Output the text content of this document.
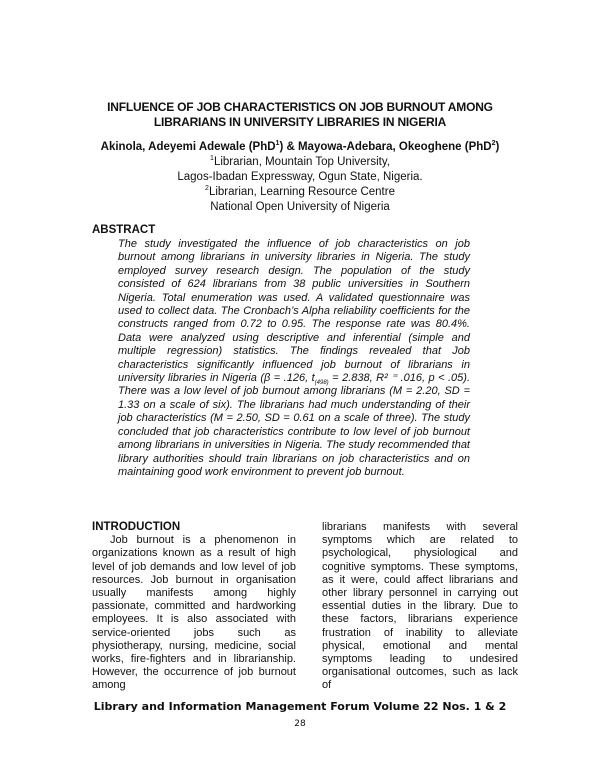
INFLUENCE OF JOB CHARACTERISTICS ON JOB BURNOUT AMONG
LIBRARIANS IN UNIVERSITY LIBRARIES IN NIGERIA
Akinola, Adeyemi Adewale (PhD$^1$) & Mayowa-Adebara, Okeoghene (PhD$^2$)
$^1$Librarian, Mountain Top University,
Lagos-Ibadan Expressway, Ogun State, Nigeria.
$^2$Librarian, Learning Resource Centre
National Open University of Nigeria
ABSTRACT

The study investigated the influence of job characteristics on job burnout among librarians in university libraries in Nigeria. The study employed survey research design. The population of the study consisted of 624 librarians from 38 public universities in Southern Nigeria. Total enumeration was used. A validated questionnaire was used to collect data. The Cronbach’s Alpha reliability coefficients for the constructs ranged from 0.72 to 0.95. The response rate was 80.4%. Data were analyzed using descriptive and inferential (simple and multiple regression) statistics. The findings revealed that Job characteristics significantly influenced job burnout of librarians in university libraries in Nigeria (β = .126, $t_{(498)} = 2.838$, R² ⁼ .016, p < .05). There was a low level of job burnout among librarians (M = 2.20, SD = 1.33 on a scale of six). The librarians had much understanding of their job characteristics (M = 2.50, SD = 0.61 on a scale of three). The study concluded that job characteristics contribute to low level of job burnout among librarians in universities in Nigeria. The study recommended that library authorities should train librarians on job characteristics and on maintaining good work environment to prevent job burnout.

INTRODUCTION

Job burnout is a phenomenon in organizations known as a result of high level of job demands and low level of job resources. Job burnout in organisation usually manifests among highly passionate, committed and hardworking employees. It is also associated with service-oriented jobs such as physiotherapy, nursing, medicine, social works, fire-fighters and in librarianship. However, the occurrence of job burnout among

librarians manifests with several symptoms which are related to psychological, physiological and cognitive symptoms. These symptoms, as it were, could affect librarians and other library personnel in carrying out essential duties in the library. Due to these factors, librarians experience frustration of inability to alleviate physical, emotional and mental symptoms leading to undesired organisational outcomes, such as lack of

Library and Information Management Forum Volume 22 Nos. 1 & 2
28
